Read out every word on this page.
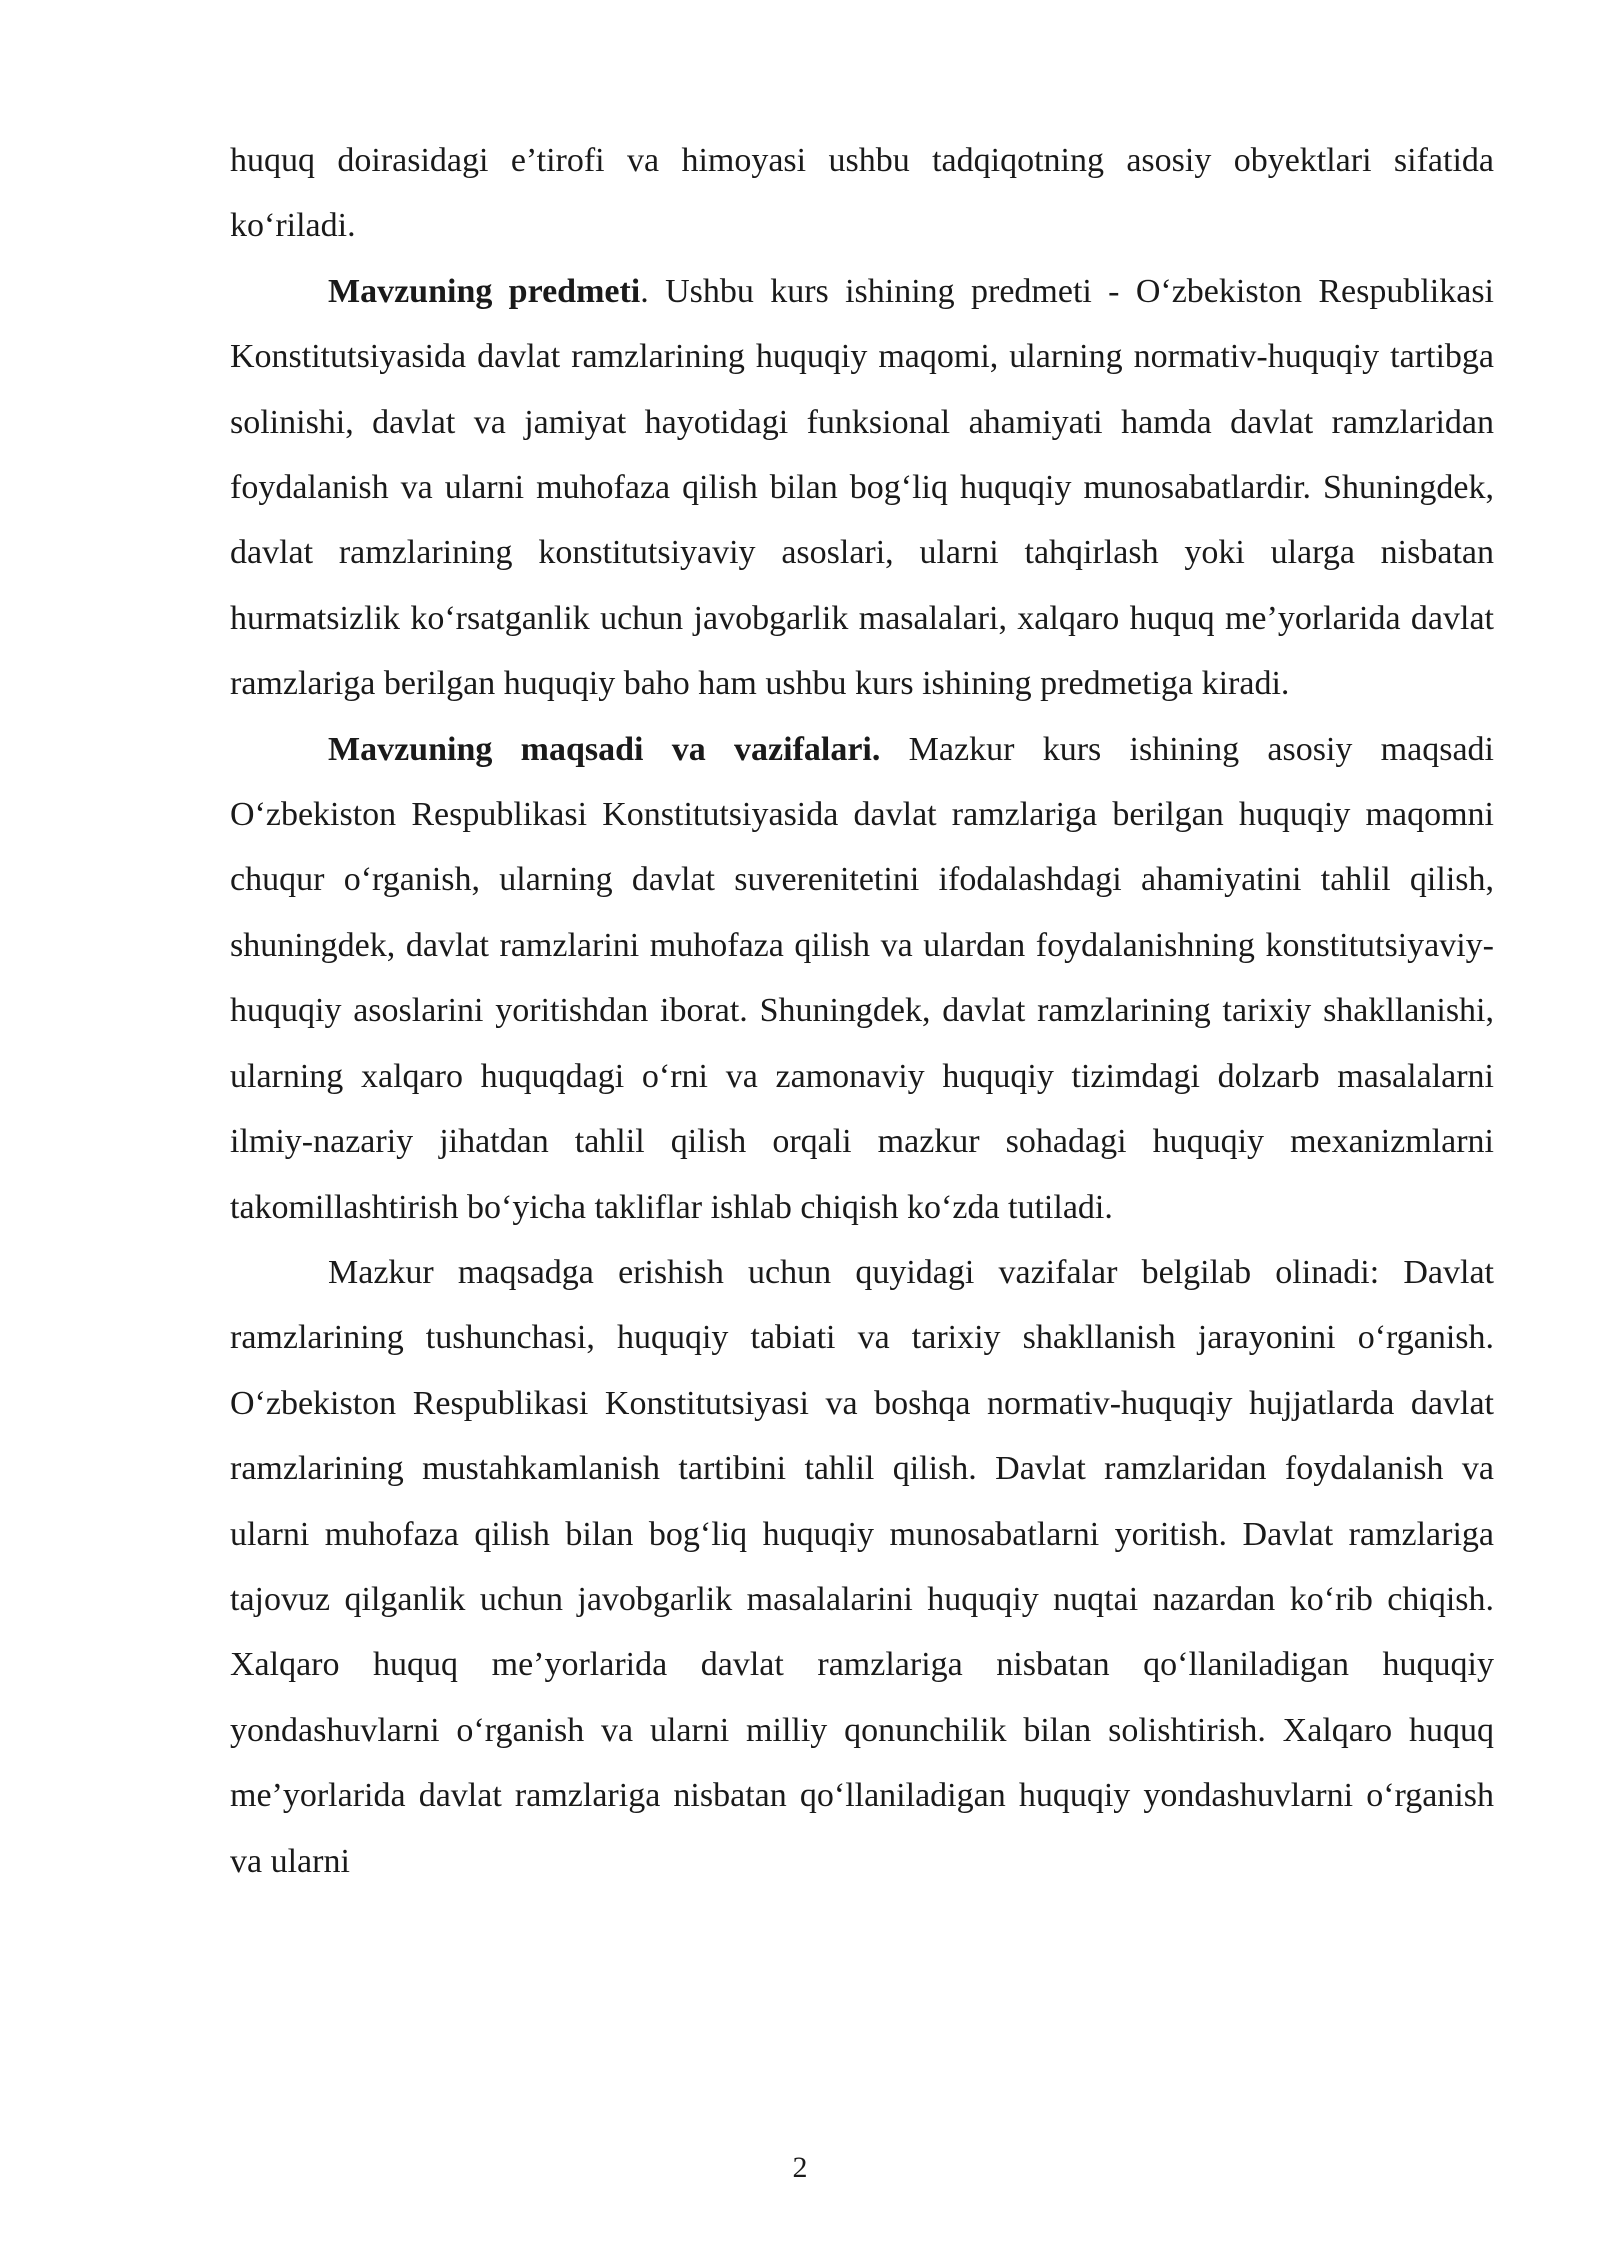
huquq doirasidagi e’tirofi va himoyasi ushbu tadqiqotning asosiy obyektlari sifatida ko‘riladi.

Mavzuning predmeti. Ushbu kurs ishining predmeti - O‘zbekiston Respublikasi Konstitutsiyasida davlat ramzlarining huquqiy maqomi, ularning normativ-huquqiy tartibga solinishi, davlat va jamiyat hayotidagi funksional ahamiyati hamda davlat ramzlaridan foydalanish va ularni muhofaza qilish bilan bog‘liq huquqiy munosabatlardir. Shuningdek, davlat ramzlarining konstitutsiyaviy asoslari, ularni tahqirlash yoki ularga nisbatan hurmatsizlik ko‘rsatganlik uchun javobgarlik masalalari, xalqaro huquq me’yorlarida davlat ramzlariga berilgan huquqiy baho ham ushbu kurs ishining predmetiga kiradi.

Mavzuning maqsadi va vazifalari. Mazkur kurs ishining asosiy maqsadi O‘zbekiston Respublikasi Konstitutsiyasida davlat ramzlariga berilgan huquqiy maqomni chuqur o‘rganish, ularning davlat suverenitetini ifodalashdagi ahamiyatini tahlil qilish, shuningdek, davlat ramzlarini muhofaza qilish va ulardan foydalanishning konstitutsiyaviy-huquqiy asoslarini yoritishdan iborat. Shuningdek, davlat ramzlarining tarixiy shakllanishi, ularning xalqaro huquqdagi o‘rni va zamonaviy huquqiy tizimdagi dolzarb masalalarni ilmiy-nazariy jihatdan tahlil qilish orqali mazkur sohadagi huquqiy mexanizmlarni takomillashtirish bo‘yicha takliflar ishlab chiqish ko‘zda tutiladi.

Mazkur maqsadga erishish uchun quyidagi vazifalar belgilab olinadi: Davlat ramzlarining tushunchasi, huquqiy tabiati va tarixiy shakllanish jarayonini o‘rganish. O‘zbekiston Respublikasi Konstitutsiyasi va boshqa normativ-huquqiy hujjatlarda davlat ramzlarining mustahkamlanish tartibini tahlil qilish. Davlat ramzlaridan foydalanish va ularni muhofaza qilish bilan bog‘liq huquqiy munosabatlarni yoritish. Davlat ramzlariga tajovuz qilganlik uchun javobgarlik masalalarini huquqiy nuqtai nazardan ko‘rib chiqish. Xalqaro huquq me’yorlarida davlat ramzlariga nisbatan qo‘llaniladigan huquqiy yondashuvlarni o‘rganish va ularni milliy qonunchilik bilan solishtirish. Xalqaro huquq me’yorlarida davlat ramzlariga nisbatan qo‘llaniladigan huquqiy yondashuvlarni o‘rganish va ularni

2
